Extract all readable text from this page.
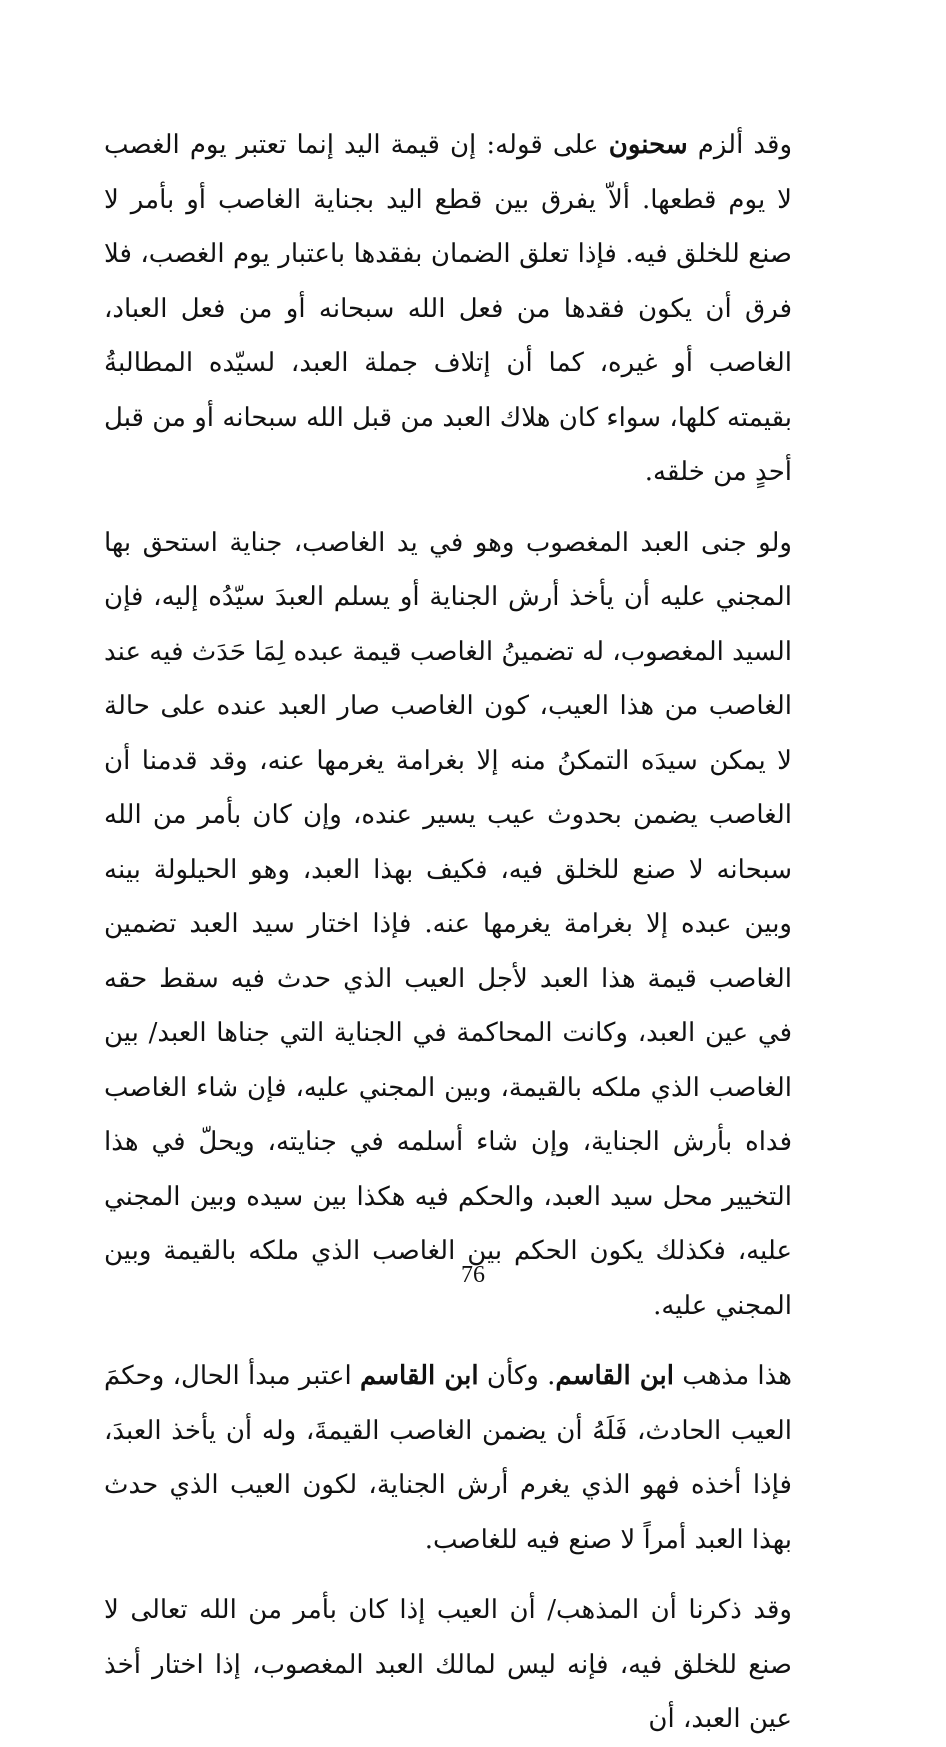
وقد ألزم سحنون على قوله: إن قيمة اليد إنما تعتبر يوم الغصب لا يوم قطعها. ألاّ يفرق بين قطع اليد بجناية الغاصب أو بأمر لا صنع للخلق فيه. فإذا تعلق الضمان بفقدها باعتبار يوم الغصب، فلا فرق أن يكون فقدها من فعل الله سبحانه أو من فعل العباد، الغاصب أو غيره، كما أن إتلاف جملة العبد، لسيّده المطالبةُ بقيمته كلها، سواء كان هلاك العبد من قبل الله سبحانه أو من قبل أحدٍ من خلقه.

ولو جنى العبد المغصوب وهو في يد الغاصب، جناية استحق بها المجني عليه أن يأخذ أرش الجناية أو يسلم العبدَ سيّدُه إليه، فإن السيد المغصوب، له تضمينُ الغاصب قيمة عبده لِمَا حَدَث فيه عند الغاصب من هذا العيب، كون الغاصب صار العبد عنده على حالة لا يمكن سيدَه التمكنُ منه إلا بغرامة يغرمها عنه، وقد قدمنا أن الغاصب يضمن بحدوث عيب يسير عنده، وإن كان بأمر من الله سبحانه لا صنع للخلق فيه، فكيف بهذا العبد، وهو الحيلولة بينه وبين عبده إلا بغرامة يغرمها عنه. فإذا اختار سيد العبد تضمين الغاصب قيمة هذا العبد لأجل العيب الذي حدث فيه سقط حقه في عين العبد، وكانت المحاكمة في الجناية التي جناها العبد/ بين الغاصب الذي ملكه بالقيمة، وبين المجني عليه، فإن شاء الغاصب فداه بأرش الجناية، وإن شاء أسلمه في جنايته، ويحلّ في هذا التخيير محل سيد العبد، والحكم فيه هكذا بين سيده وبين المجني عليه، فكذلك يكون الحكم بين الغاصب الذي ملكه بالقيمة وبين المجني عليه.

هذا مذهب ابن القاسم. وكأن ابن القاسم اعتبر مبدأ الحال، وحكمَ العيب الحادث، فَلَهُ أن يضمن الغاصب القيمةَ، وله أن يأخذ العبدَ، فإذا أخذه فهو الذي يغرم أرش الجناية، لكون العيب الذي حدث بهذا العبد أمراً لا صنع فيه للغاصب.

وقد ذكرنا أن المذهب/ أن العيب إذا كان بأمر من الله تعالى لا صنع للخلق فيه، فإنه ليس لمالك العبد المغصوب، إذا اختار أخذ عين العبد، أن

76
